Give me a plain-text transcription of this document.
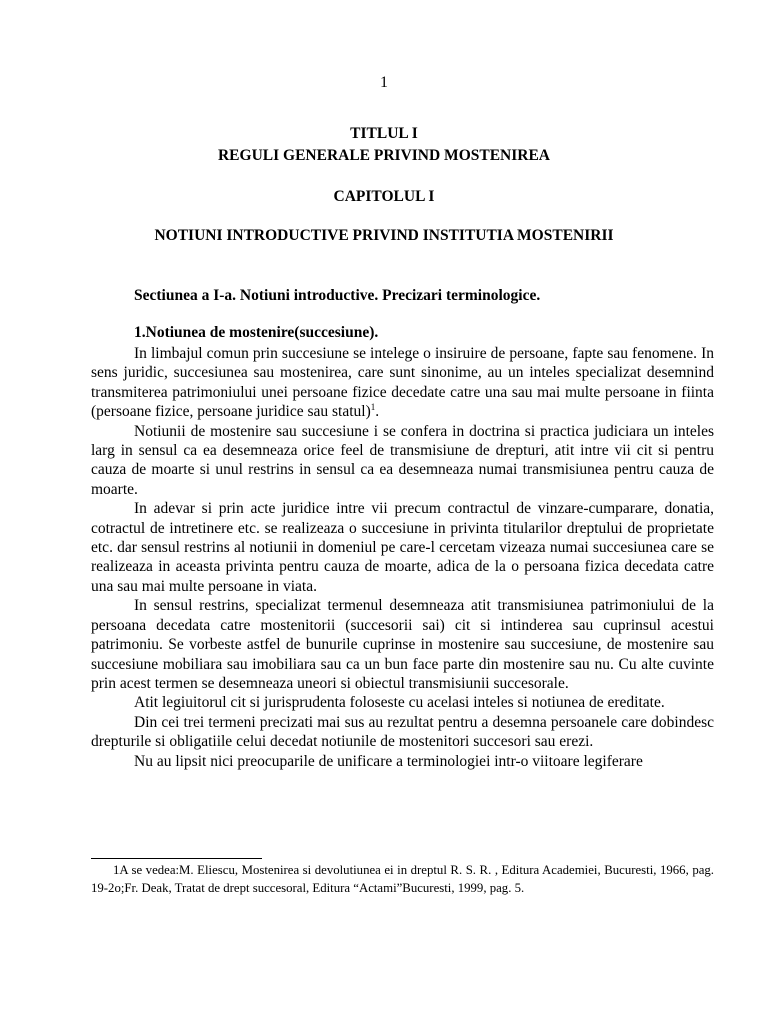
1
TITLUL I
REGULI GENERALE PRIVIND MOSTENIREA
CAPITOLUL I
NOTIUNI INTRODUCTIVE PRIVIND INSTITUTIA MOSTENIRII
Sectiunea a I-a. Notiuni introductive. Precizari terminologice.
1.Notiunea de mostenire(succesiune).

In limbajul comun prin succesiune se intelege o insiruire de persoane, fapte sau fenomene. In sens juridic, succesiunea sau mostenirea, care sunt sinonime, au un inteles specializat desemnind transmiterea patrimoniului unei persoane fizice decedate catre una sau mai multe persoane in fiinta (persoane fizice, persoane juridice sau statul)$^1$.

Notiunii de mostenire sau succesiune i se confera in doctrina si practica judiciara un inteles larg in sensul ca ea desemneaza orice feel de transmisiune de drepturi, atit intre vii cit si pentru cauza de moarte si unul restrins in sensul ca ea desemneaza numai transmisiunea pentru cauza de moarte.

In adevar si prin acte juridice intre vii precum contractul de vinzare-cumparare, donatia, cotractul de intretinere etc. se realizeaza o succesiune in privinta titularilor dreptului de proprietate etc. dar sensul restrins al notiunii in domeniul pe care-l cercetam vizeaza numai succesiunea care se realizeaza in aceasta privinta pentru cauza de moarte, adica de la o persoana fizica decedata catre una sau mai multe persoane in viata.

In sensul restrins, specializat termenul desemneaza atit transmisiunea patrimoniului de la persoana decedata catre mostenitorii (succesorii sai) cit si intinderea sau cuprinsul acestui patrimoniu. Se vorbeste astfel de bunurile cuprinse in mostenire sau succesiune, de mostenire sau succesiune mobiliara sau imobiliara sau ca un bun face parte din mostenire sau nu. Cu alte cuvinte prin acest termen se desemneaza uneori si obiectul transmisiunii succesorale.

Atit legiuitorul cit si jurisprudenta foloseste cu acelasi inteles si notiunea de ereditate.

Din cei trei termeni precizati mai sus au rezultat pentru a desemna persoanele care dobindesc drepturile si obligatiile celui decedat notiunile de mostenitori succesori sau erezi.

Nu au lipsit nici preocuparile de unificare a terminologiei intr-o viitoare legiferare

1A se vedea:M. Eliescu, Mostenirea si devolutiunea ei in dreptul R. S. R. , Editura Academiei, Bucuresti, 1966, pag. 19-2o;Fr. Deak, Tratat de drept succesoral, Editura “Actami”Bucuresti, 1999, pag. 5.
